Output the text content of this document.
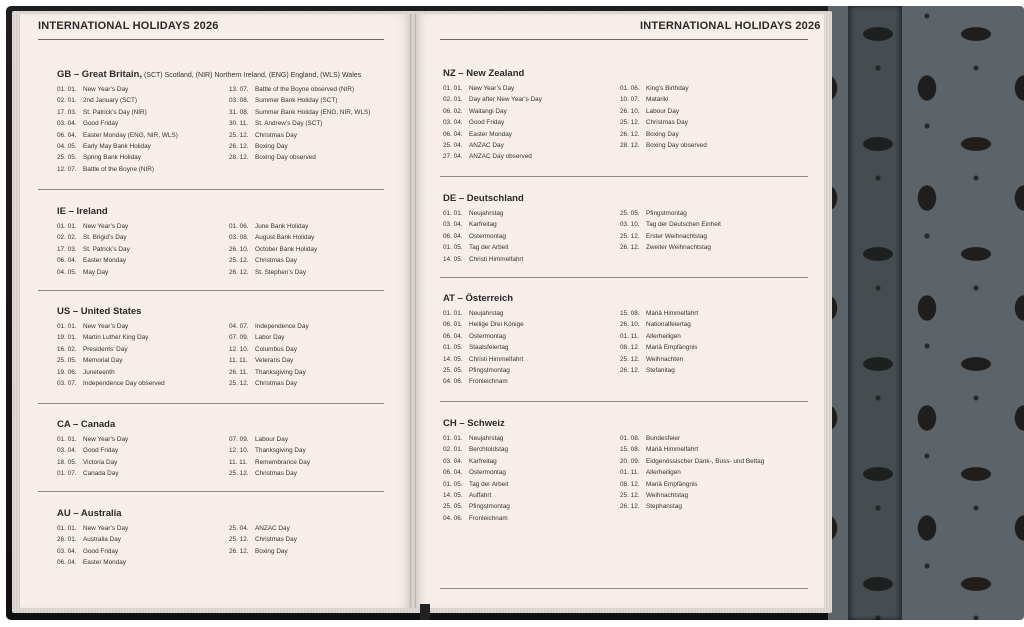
INTERNATIONAL HOLIDAYS 2026	INTERNATIONAL HOLIDAYS 2026
GB – Great Britain, (SCT) Scotland, (NIR) Northern Ireland, (ENG) England, (WLS) Wales
01. 01. New Year’s Day
02. 01. 2nd January (SCT)
17. 03. St. Patrick’s Day (NIR)
03. 04. Good Friday
06. 04. Easter Monday (ENG, NIR, WLS)
04. 05. Early May Bank Holiday
25. 05. Spring Bank Holiday
12. 07. Battle of the Boyne (NIR)
13. 07. Battle of the Boyne observed (NIR)
03. 08. Summer Bank Holiday (SCT)
31. 08. Summer Bank Holiday (ENG, NIR, WLS)
30. 11. St. Andrew’s Day (SCT)
25. 12. Christmas Day
26. 12. Boxing Day
28. 12. Boxing Day observed
IE – Ireland
01. 01. New Year’s Day
02. 02. St. Brigid’s Day
17. 03. St. Patrick’s Day
06. 04. Easter Monday
04. 05. May Day
01. 06. June Bank Holiday
03. 08. August Bank Holiday
26. 10. October Bank Holiday
25. 12. Christmas Day
26. 12. St. Stephen’s Day
US – United States
01. 01. New Year’s Day
19. 01. Martin Luther King Day
16. 02. Presidents’ Day
25. 05. Memorial Day
19. 06. Juneteenth
03. 07. Independence Day observed
04. 07. Independence Day
07. 09. Labor Day
12. 10. Columbus Day
11. 11. Veterans Day
26. 11. Thanksgiving Day
25. 12. Christmas Day
CA – Canada
01. 01. New Year’s Day
03. 04. Good Friday
18. 05. Victoria Day
01. 07. Canada Day
07. 09. Labour Day
12. 10. Thanksgiving Day
11. 11. Remembrance Day
25. 12. Christmas Day
AU – Australia
01. 01. New Year’s Day
26. 01. Australia Day
03. 04. Good Friday
06. 04. Easter Monday
25. 04. ANZAC Day
25. 12. Christmas Day
26. 12. Boxing Day
NZ – New Zealand
01. 01. New Year’s Day
02. 01. Day after New Year’s Day
06. 02. Waitangi Day
03. 04. Good Friday
06. 04. Easter Monday
25. 04. ANZAC Day
27. 04. ANZAC Day observed
01. 06. King’s Birthday
10. 07. Matariki
26. 10. Labour Day
25. 12. Christmas Day
26. 12. Boxing Day
28. 12. Boxing Day observed
DE – Deutschland
01. 01. Neujahrstag
03. 04. Karfreitag
06. 04. Ostermontag
01. 05. Tag der Arbeit
14. 05. Christi Himmelfahrt
25. 05. Pfingstmontag
03. 10. Tag der Deutschen Einheit
25. 12. Erster Weihnachtstag
26. 12. Zweiter Weihnachtstag
AT – Österreich
01. 01. Neujahrstag
06. 01. Heilige Drei Könige
06. 04. Ostermontag
01. 05. Staatsfeiertag
14. 05. Christi Himmelfahrt
25. 05. Pfingstmontag
04. 06. Fronleichnam
15. 08. Mariä Himmelfahrt
26. 10. Nationalfeiertag
01. 11. Allerheiligen
08. 12. Mariä Empfängnis
25. 12. Weihnachten
26. 12. Stefanitag
CH – Schweiz
01. 01. Neujahrstag
02. 01. Berchtoldstag
03. 04. Karfreitag
06. 04. Ostermontag
01. 05. Tag der Arbeit
14. 05. Auffahrt
25. 05. Pfingstmontag
04. 06. Fronleichnam
01. 08. Bundesfeier
15. 08. Mariä Himmelfahrt
20. 09. Eidgenössischer Dank-, Buss- und Bettag
01. 11. Allerheiligen
08. 12. Mariä Empfängnis
25. 12. Weihnachtstag
26. 12. Stephanstag
